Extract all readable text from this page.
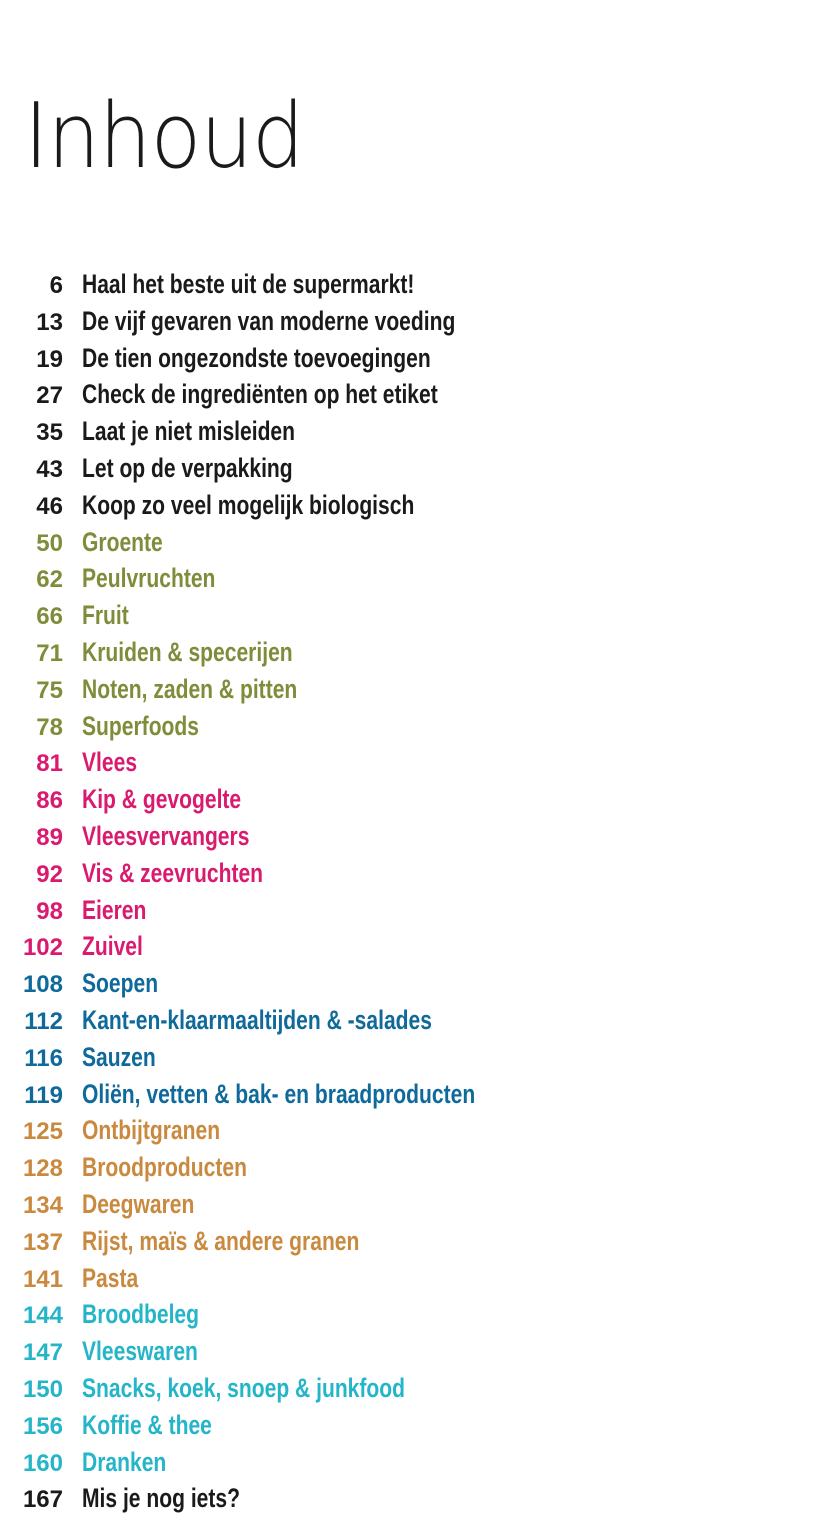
Inhoud
6 Haal het beste uit de supermarkt!
13 De vijf gevaren van moderne voeding
19 De tien ongezondste toevoegingen
27 Check de ingrediënten op het etiket
35 Laat je niet misleiden
43 Let op de verpakking
46 Koop zo veel mogelijk biologisch
50 Groente
62 Peulvruchten
66 Fruit
71 Kruiden & specerijen
75 Noten, zaden & pitten
78 Superfoods
81 Vlees
86 Kip & gevogelte
89 Vleesvervangers
92 Vis & zeevruchten
98 Eieren
102 Zuivel
108 Soepen
112 Kant-en-klaarmaaltijden & -salades
116 Sauzen
119 Oliën, vetten & bak- en braadproducten
125 Ontbijtgranen
128 Broodproducten
134 Deegwaren
137 Rijst, maïs & andere granen
141 Pasta
144 Broodbeleg
147 Vleeswaren
150 Snacks, koek, snoep & junkfood
156 Koffie & thee
160 Dranken
167 Mis je nog iets?
